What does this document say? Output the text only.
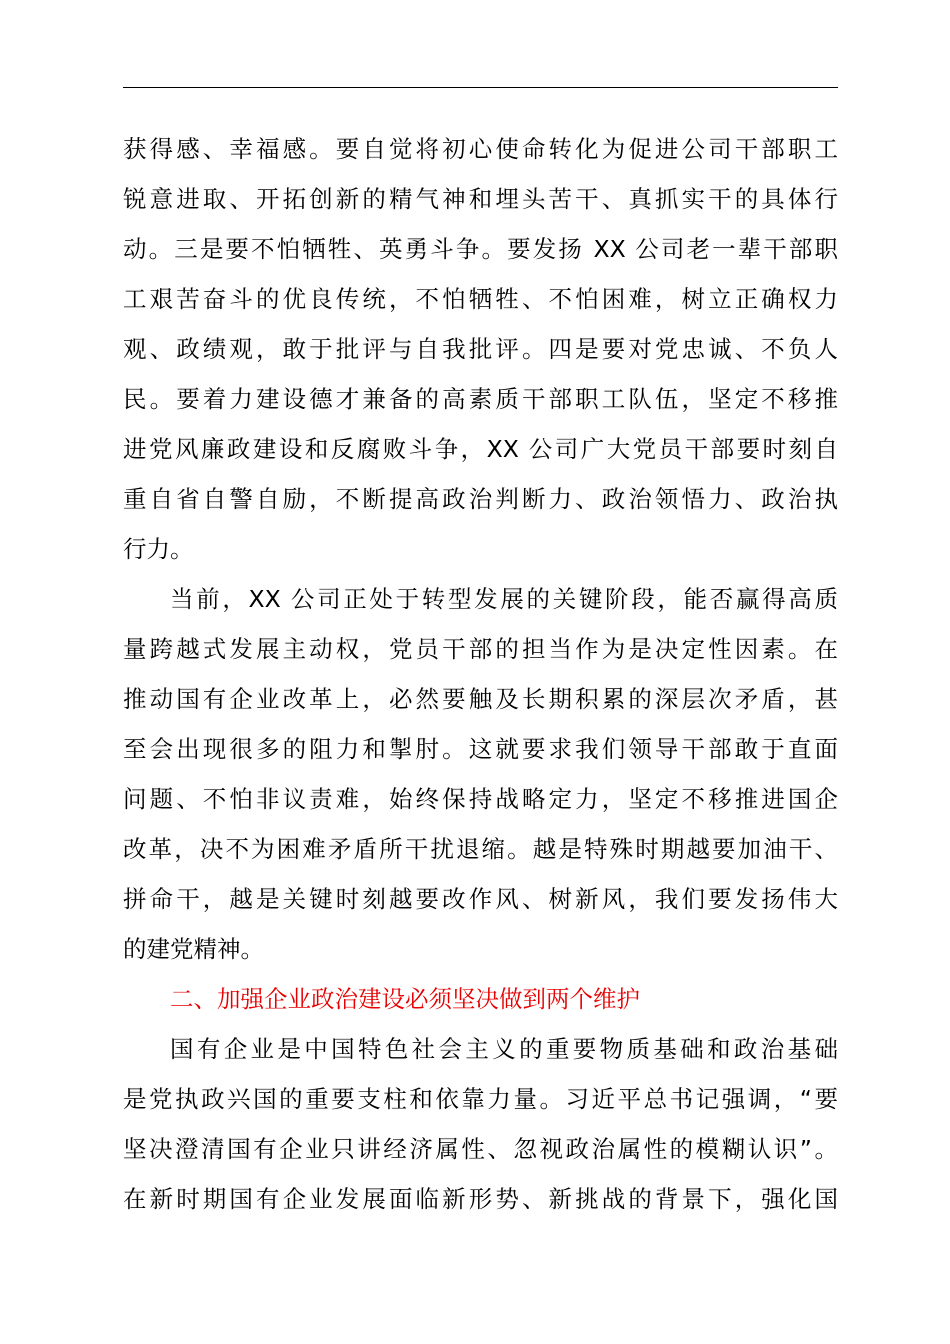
获得感、幸福感。要自觉将初心使命转化为促进公司干部职工
锐意进取、开拓创新的精气神和埋头苦干、真抓实干的具体行
动。三是要不怕牺牲、英勇斗争。要发扬 XX 公司老一辈干部职
工艰苦奋斗的优良传统，不怕牺牲、不怕困难，树立正确权力
观、政绩观，敢于批评与自我批评。四是要对党忠诚、不负人
民。要着力建设德才兼备的高素质干部职工队伍，坚定不移推
进党风廉政建设和反腐败斗争，XX 公司广大党员干部要时刻自
重自省自警自励，不断提高政治判断力、政治领悟力、政治执
行力。
当前，XX 公司正处于转型发展的关键阶段，能否赢得高质
量跨越式发展主动权，党员干部的担当作为是决定性因素。在
推动国有企业改革上，必然要触及长期积累的深层次矛盾，甚
至会出现很多的阻力和掣肘。这就要求我们领导干部敢于直面
问题、不怕非议责难，始终保持战略定力，坚定不移推进国企
改革，决不为困难矛盾所干扰退缩。越是特殊时期越要加油干、
拼命干，越是关键时刻越要改作风、树新风，我们要发扬伟大
的建党精神。
二、加强企业政治建设必须坚决做到两个维护
国有企业是中国特色社会主义的重要物质基础和政治基础
是党执政兴国的重要支柱和依靠力量。习近平总书记强调，“要
坚决澄清国有企业只讲经济属性、忽视政治属性的模糊认识”。
在新时期国有企业发展面临新形势、新挑战的背景下，强化国
